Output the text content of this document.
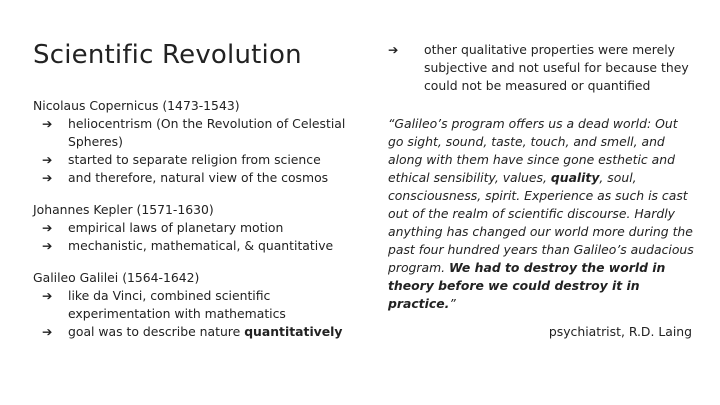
Scientific Revolution
Nicolaus Copernicus (1473-1543)
➔	heliocentrism (On the Revolution of Celestial Spheres)
➔	started to separate religion from science
➔	and therefore, natural view of the cosmos
Johannes Kepler (1571-1630)
➔	empirical laws of planetary motion
➔	mechanistic, mathematical, & quantitative
Galileo Galilei (1564-1642)
➔	like da Vinci, combined scientific experimentation with mathematics
➔	goal was to describe nature quantitatively
➔	other qualitative properties were merely subjective and not useful for because they could not be measured or quantified
“Galileo’s program offers us a dead world: Out go sight, sound, taste, touch, and smell, and along with them have since gone esthetic and ethical sensibility, values, quality, soul, consciousness, spirit. Experience as such is cast out of the realm of scientific discourse. Hardly anything has changed our world more during the past four hundred years than Galileo’s audacious program. We had to destroy the world in theory before we could destroy it in practice.”
psychiatrist, R.D. Laing
